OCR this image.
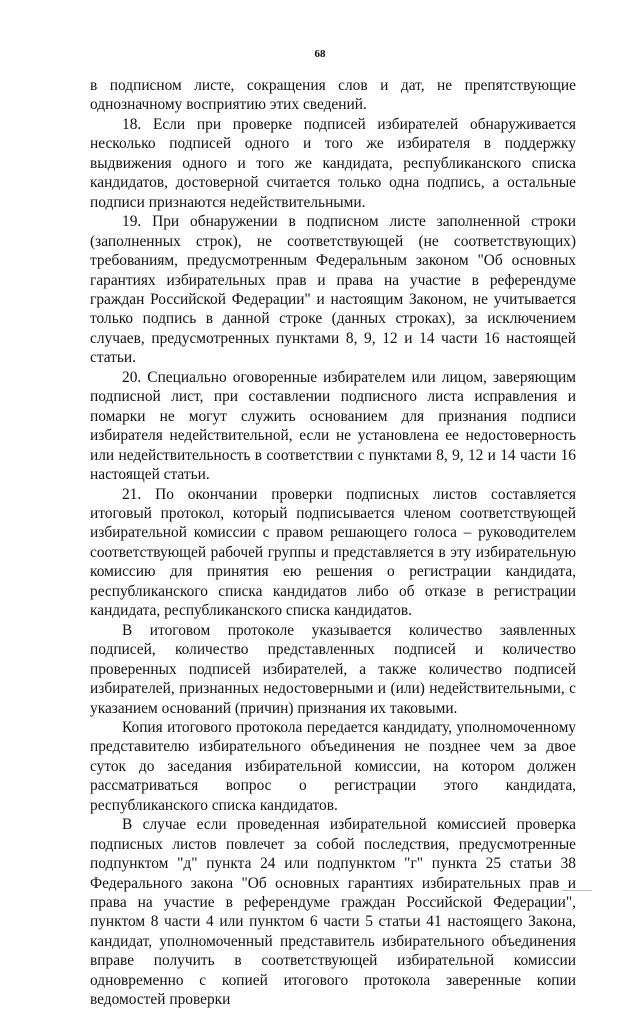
68

в подписном листе, сокращения слов и дат, не препятствующие однозначному восприятию этих сведений.

18. Если при проверке подписей избирателей обнаруживается несколько подписей одного и того же избирателя в поддержку выдвижения одного и того же кандидата, республиканского списка кандидатов, достоверной считается только одна подпись, а остальные подписи признаются недействительными.

19. При обнаружении в подписном листе заполненной строки (заполненных строк), не соответствующей (не соответствующих) требованиям, предусмотренным Федеральным законом "Об основных гарантиях избирательных прав и права на участие в референдуме граждан Российской Федерации" и настоящим Законом, не учитывается только подпись в данной строке (данных строках), за исключением случаев, предусмотренных пунктами 8, 9, 12 и 14 части 16 настоящей статьи.

20. Специально оговоренные избирателем или лицом, заверяющим подписной лист, при составлении подписного листа исправления и помарки не могут служить основанием для признания подписи избирателя недействительной, если не установлена ее недостоверность или недействительность в соответствии с пунктами 8, 9, 12 и 14 части 16 настоящей статьи.

21. По окончании проверки подписных листов составляется итоговый протокол, который подписывается членом соответствующей избирательной комиссии с правом решающего голоса – руководителем соответствующей рабочей группы и представляется в эту избирательную комиссию для принятия ею решения о регистрации кандидата, республиканского списка кандидатов либо об отказе в регистрации кандидата, республиканского списка кандидатов.

В итоговом протоколе указывается количество заявленных подписей, количество представленных подписей и количество проверенных подписей избирателей, а также количество подписей избирателей, признанных недостоверными и (или) недействительными, с указанием оснований (причин) признания их таковыми.

Копия итогового протокола передается кандидату, уполномоченному представителю избирательного объединения не позднее чем за двое суток до заседания избирательной комиссии, на котором должен рассматриваться вопрос о регистрации этого кандидата, республиканского списка кандидатов.

В случае если проведенная избирательной комиссией проверка подписных листов повлечет за собой последствия, предусмотренные подпунктом "д" пункта 24 или подпунктом "г" пункта 25 статьи 38 Федерального закона "Об основных гарантиях избирательных прав и права на участие в референдуме граждан Российской Федерации", пунктом 8 части 4 или пунктом 6 части 5 статьи 41 настоящего Закона, кандидат, уполномоченный представитель избирательного объединения вправе получить в соответствующей избирательной комиссии одновременно с копией итогового протокола заверенные копии ведомостей проверки
